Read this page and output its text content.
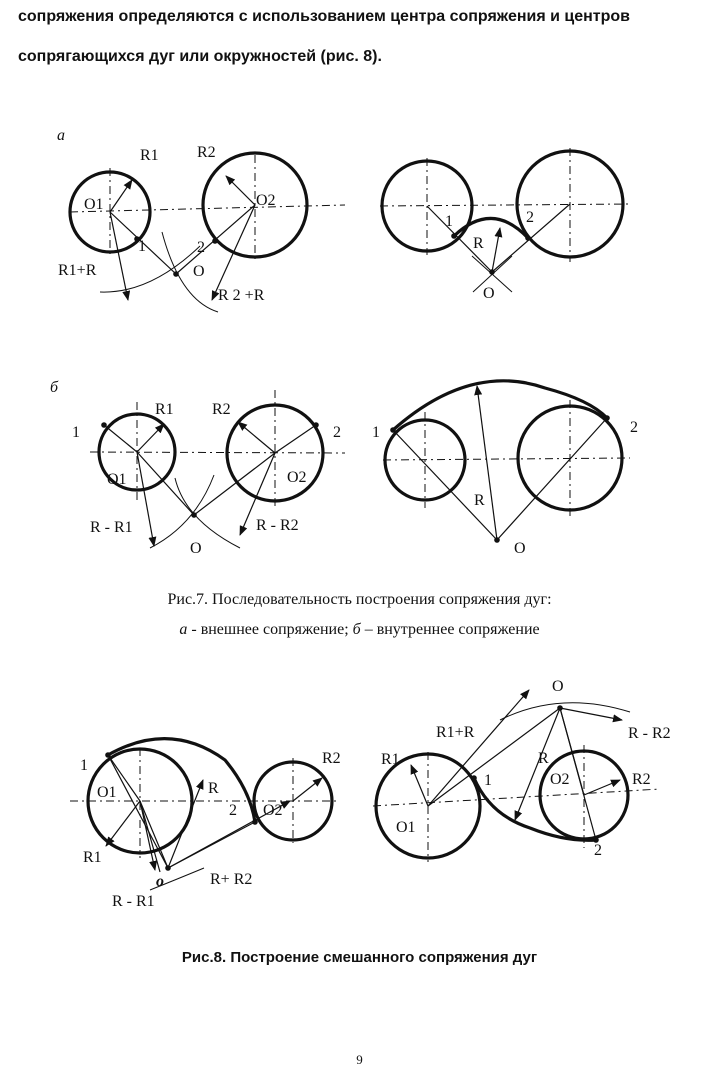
сопряжения определяются с использованием центра сопряжения и центров
сопрягающихся дуг или окружностей (рис. 8).
а
R1 R2
O1	O2
1	2
O
R1+R
R 2 +R
1	2
R
O
б
1
R1 R2
2
O1	O2
R - R1	R - R2
O
1	2
R
O
1
O1	R
2 O2
R2
R1
o	R+ R2
R - R1
O
R1+R
R1	R
R - R2
1	O2	R2
O1
2
Рис.7. Последовательность построения сопряжения дуг:
а - внешнее сопряжение; б – внутреннее сопряжение
Рис.8. Построение смешанного сопряжения дуг
9
